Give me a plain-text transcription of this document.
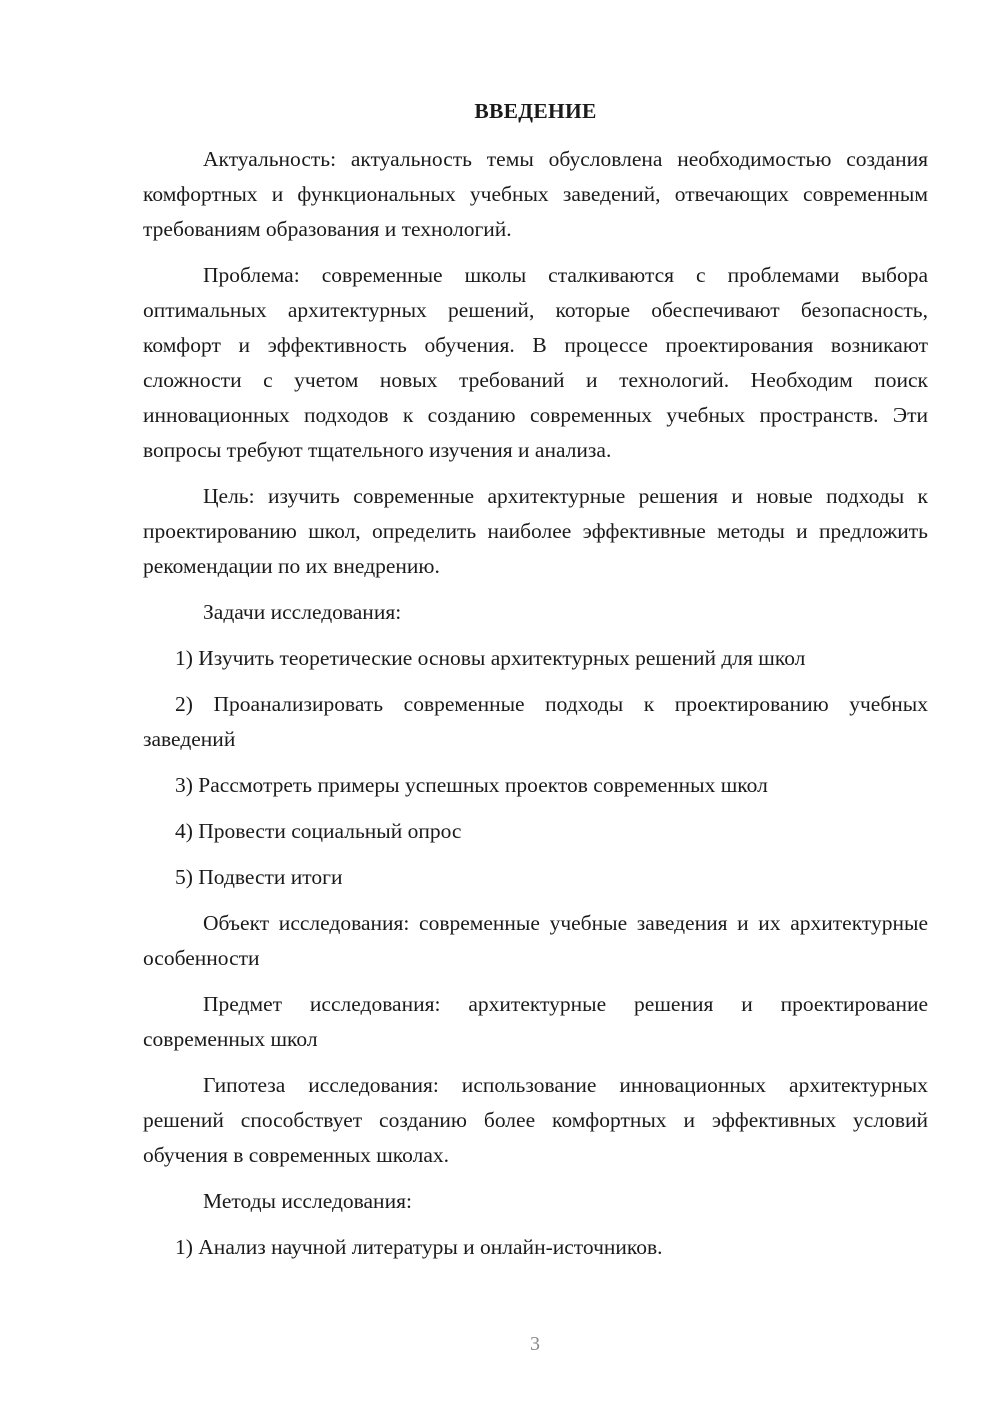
ВВЕДЕНИЕ

Актуальность: актуальность темы обусловлена необходимостью создания комфортных и функциональных учебных заведений, отвечающих современным требованиям образования и технологий.

Проблема: современные школы сталкиваются с проблемами выбора оптимальных архитектурных решений, которые обеспечивают безопасность, комфорт и эффективность обучения. В процессе проектирования возникают сложности с учетом новых требований и технологий. Необходим поиск инновационных подходов к созданию современных учебных пространств. Эти вопросы требуют тщательного изучения и анализа.

Цель: изучить современные архитектурные решения и новые подходы к проектированию школ, определить наиболее эффективные методы и предложить рекомендации по их внедрению.

Задачи исследования:

1) Изучить теоретические основы архитектурных решений для школ

2) Проанализировать современные подходы к проектированию учебных заведений

3) Рассмотреть примеры успешных проектов современных школ

4) Провести социальный опрос

5) Подвести итоги

Объект исследования: современные учебные заведения и их архитектурные особенности

Предмет исследования: архитектурные решения и проектирование современных школ

Гипотеза исследования: использование инновационных архитектурных решений способствует созданию более комфортных и эффективных условий обучения в современных школах.

Методы исследования:

1) Анализ научной литературы и онлайн-источников.

3
